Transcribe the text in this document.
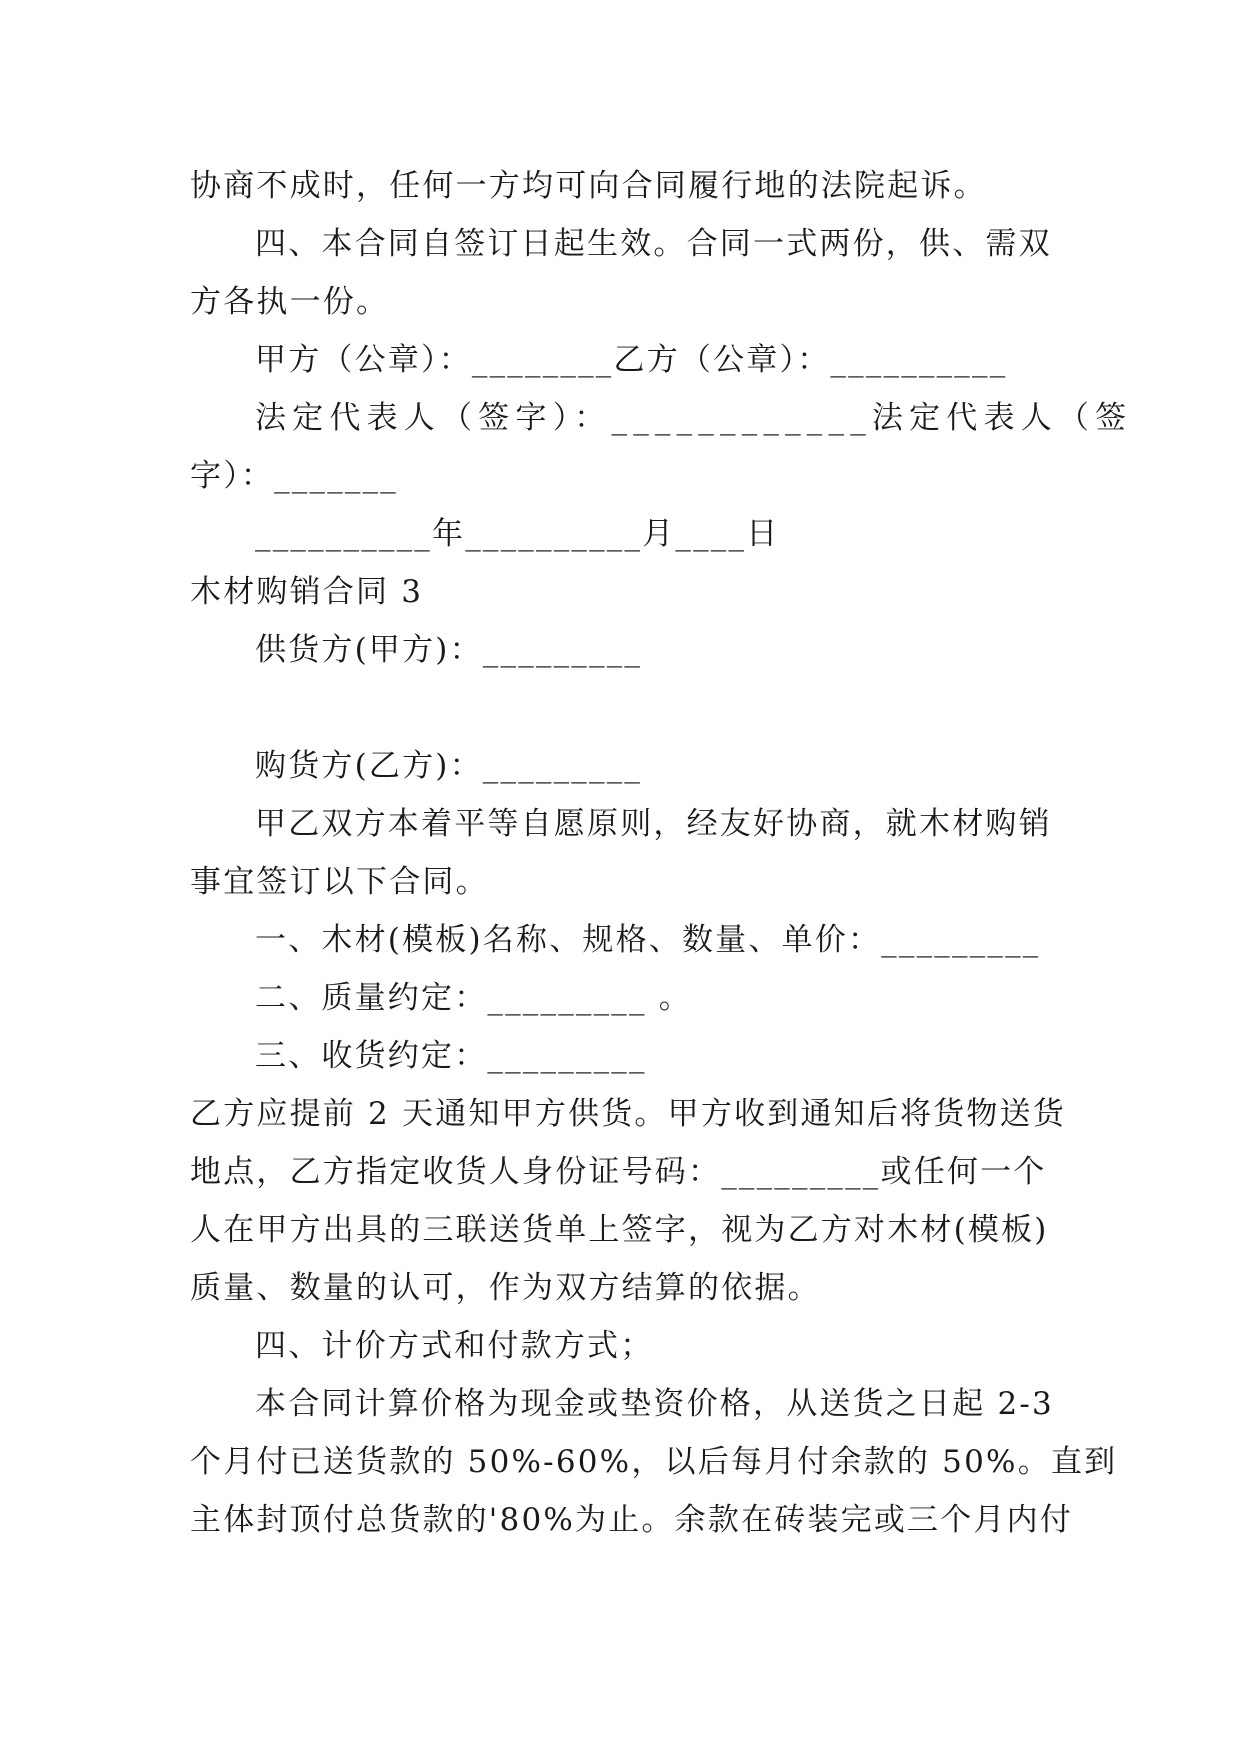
协商不成时，任何一方均可向合同履行地的法院起诉。
四、本合同自签订日起生效。合同一式两份，供、需双
方各执一份。
甲方（公章）：________乙方（公章）：__________
法定代表人（签字）：____________法定代表人（签
字）：_______
__________年__________月____日
木材购销合同 3
供货方(甲方)：_________
购货方(乙方)：_________
甲乙双方本着平等自愿原则，经友好协商，就木材购销
事宜签订以下合同。
一、木材(模板)名称、规格、数量、单价：_________
二、质量约定：_________ 。
三、收货约定：_________
乙方应提前 2 天通知甲方供货。甲方收到通知后将货物送货
地点，乙方指定收货人身份证号码：_________或任何一个
人在甲方出具的三联送货单上签字，视为乙方对木材(模板)
质量、数量的认可，作为双方结算的依据。
四、计价方式和付款方式；
本合同计算价格为现金或垫资价格，从送货之日起 2-3
个月付已送货款的 50%-60%，以后每月付余款的 50%。直到
主体封顶付总货款的'80%为止。余款在砖装完或三个月内付
